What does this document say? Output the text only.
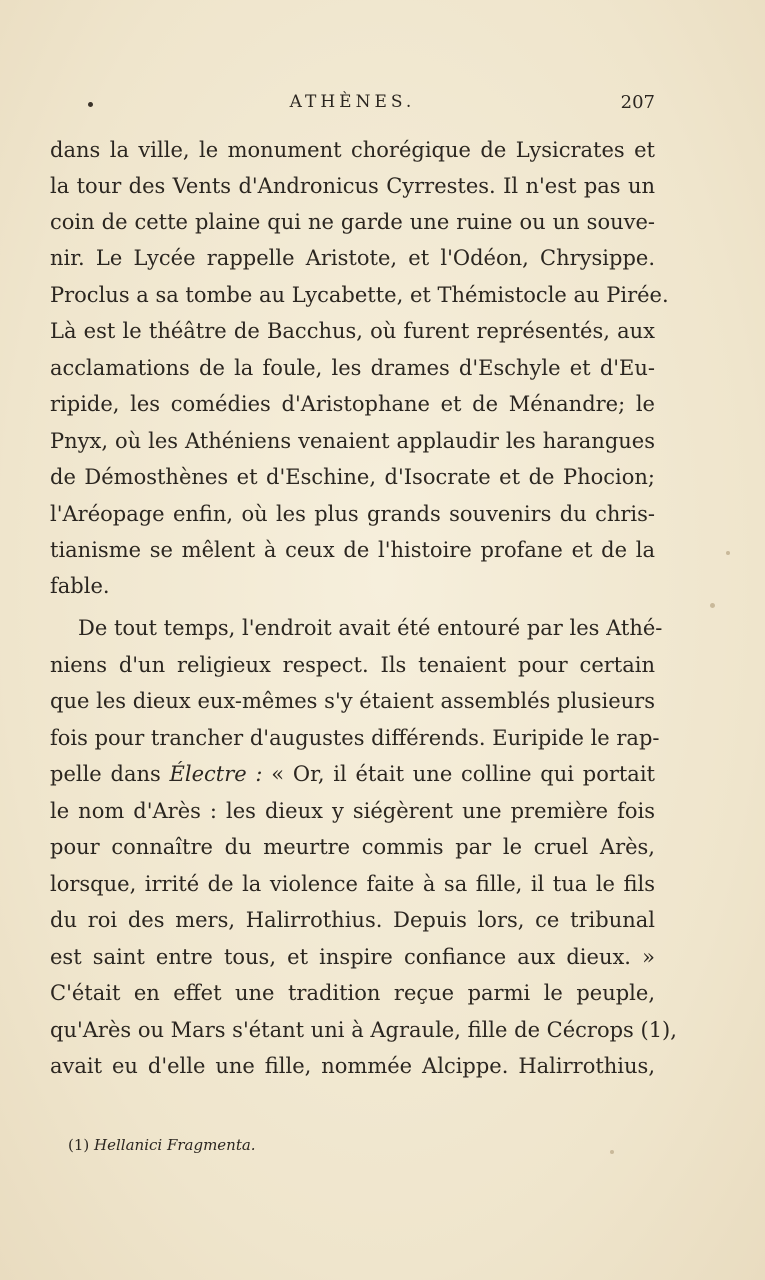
ATHÈNES.	207
dans la ville, le monument chorégique de Lysicrates et
la tour des Vents d'Andronicus Cyrrestes. Il n'est pas un
coin de cette plaine qui ne garde une ruine ou un souve-
nir. Le Lycée rappelle Aristote, et l'Odéon, Chrysippe.
Proclus a sa tombe au Lycabette, et Thémistocle au Pirée.
Là est le théâtre de Bacchus, où furent représentés, aux
acclamations de la foule, les drames d'Eschyle et d'Eu-
ripide, les comédies d'Aristophane et de Ménandre; le
Pnyx, où les Athéniens venaient applaudir les harangues
de Démosthènes et d'Eschine, d'Isocrate et de Phocion;
l'Aréopage enfin, où les plus grands souvenirs du chris-
tianisme se mêlent à ceux de l'histoire profane et de la
fable.
De tout temps, l'endroit avait été entouré par les Athé-
niens d'un religieux respect. Ils tenaient pour certain
que les dieux eux-mêmes s'y étaient assemblés plusieurs
fois pour trancher d'augustes différends. Euripide le rap-
pelle dans Électre : « Or, il était une colline qui portait
le nom d'Arès : les dieux y siégèrent une première fois
pour connaître du meurtre commis par le cruel Arès,
lorsque, irrité de la violence faite à sa fille, il tua le fils
du roi des mers, Halirrothius. Depuis lors, ce tribunal
est saint entre tous, et inspire confiance aux dieux. »
C'était en effet une tradition reçue parmi le peuple,
qu'Arès ou Mars s'étant uni à Agraule, fille de Cécrops (1),
avait eu d'elle une fille, nommée Alcippe. Halirrothius,
(1) Hellanici Fragmenta.
